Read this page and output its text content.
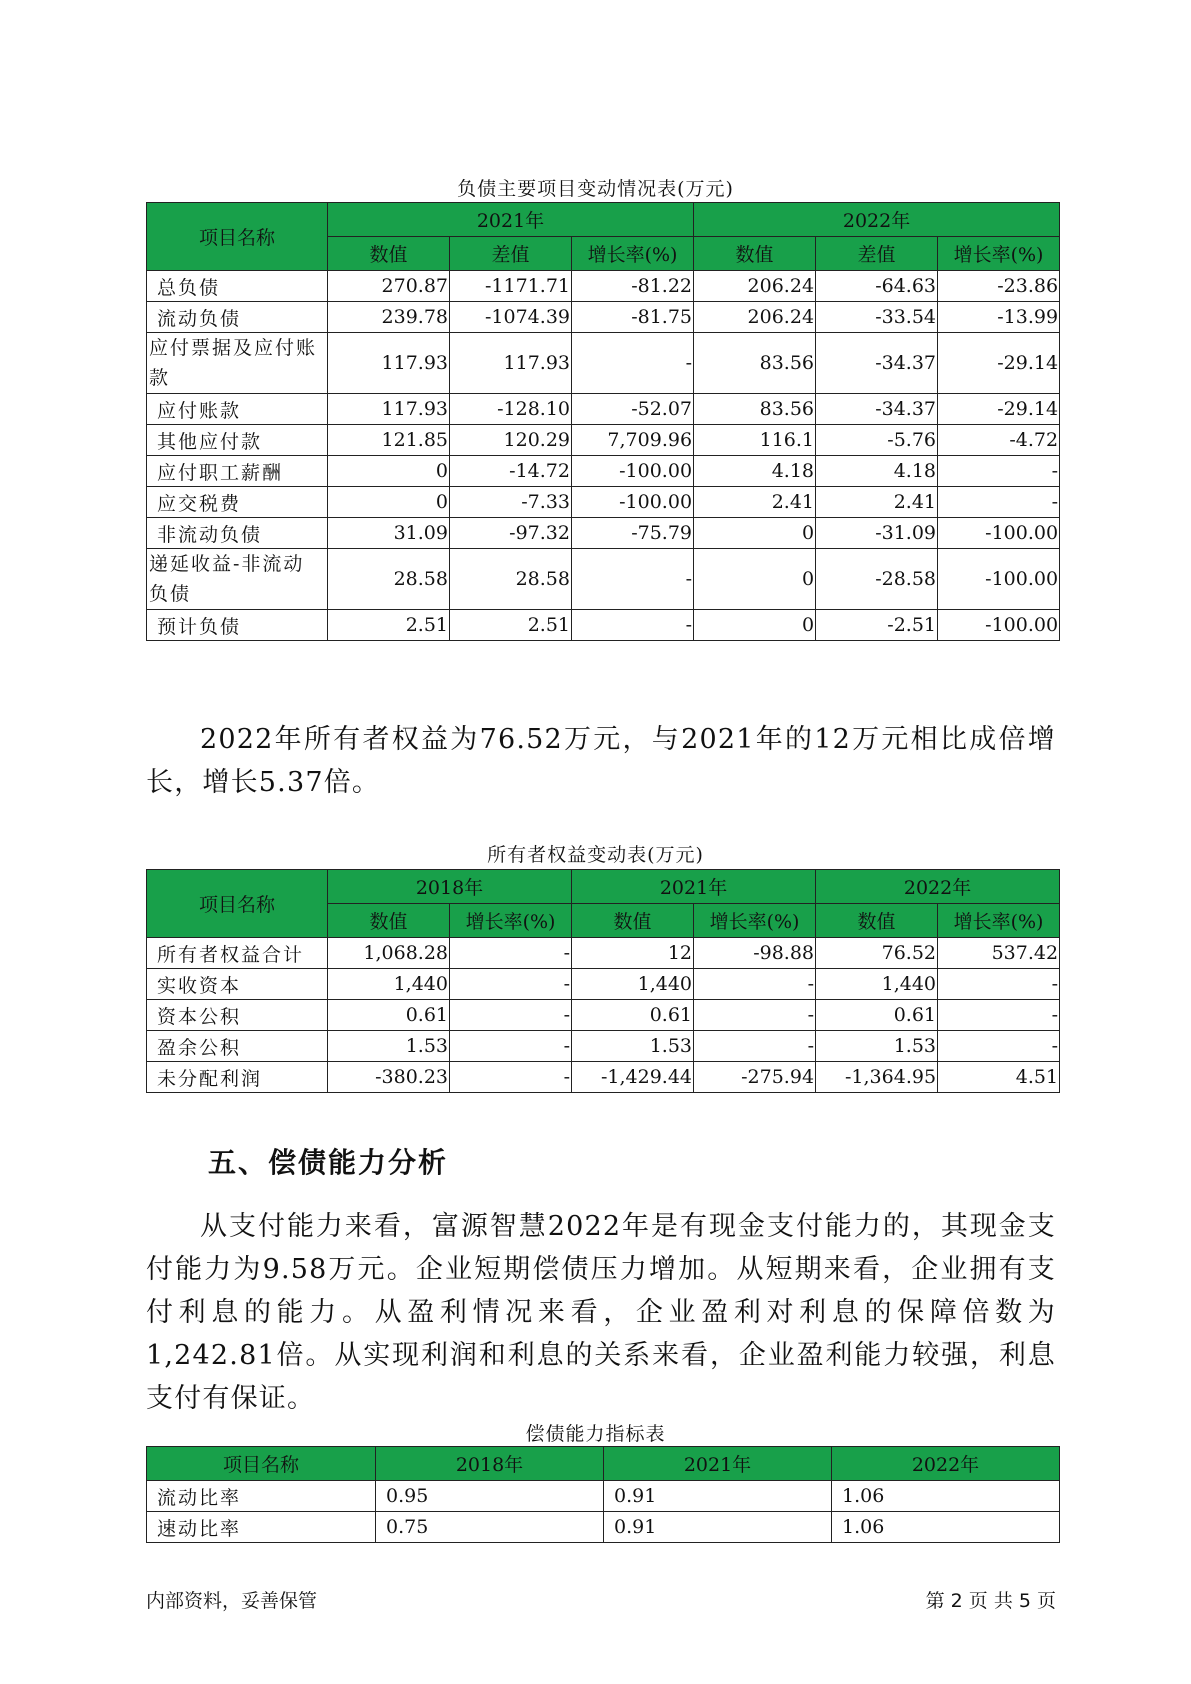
负债主要项目变动情况表(万元)
项目名称	2021年			2022年		
	数值	差值	增长率(%)	数值	差值	增长率(%)
总负债	270.87	-1171.71	-81.22	206.24	-64.63	-23.86
流动负债	239.78	-1074.39	-81.75	206.24	-33.54	-13.99
应付票据及应付账款	117.93	117.93	-	83.56	-34.37	-29.14
应付账款	117.93	-128.10	-52.07	83.56	-34.37	-29.14
其他应付款	121.85	120.29	7,709.96	116.1	-5.76	-4.72
应付职工薪酬	0	-14.72	-100.00	4.18	4.18	-
应交税费	0	-7.33	-100.00	2.41	2.41	-
非流动负债	31.09	-97.32	-75.79	0	-31.09	-100.00
递延收益-非流动负债	28.58	28.58	-	0	-28.58	-100.00
预计负债	2.51	2.51	-	0	-2.51	-100.00
2022年所有者权益为76.52万元，与2021年的12万元相比成倍增长，增长5.37倍。
所有者权益变动表(万元)
项目名称	2018年		2021年		2022年	
	数值	增长率(%)	数值	增长率(%)	数值	增长率(%)
所有者权益合计	1,068.28	-	12	-98.88	76.52	537.42
实收资本	1,440	-	1,440	-	1,440	-
资本公积	0.61	-	0.61	-	0.61	-
盈余公积	1.53	-	1.53	-	1.53	-
未分配利润	-380.23	-	-1,429.44	-275.94	-1,364.95	4.51
五、偿债能力分析
从支付能力来看，富源智慧2022年是有现金支付能力的，其现金支付能力为9.58万元。企业短期偿债压力增加。从短期来看，企业拥有支付利息的能力。从盈利情况来看，企业盈利对利息的保障倍数为1,242.81倍。从实现利润和利息的关系来看，企业盈利能力较强，利息支付有保证。
偿债能力指标表
项目名称	2018年	2021年	2022年
流动比率	0.95	0.91	1.06
速动比率	0.75	0.91	1.06
内部资料，妥善保管	第 2 页 共 5 页
